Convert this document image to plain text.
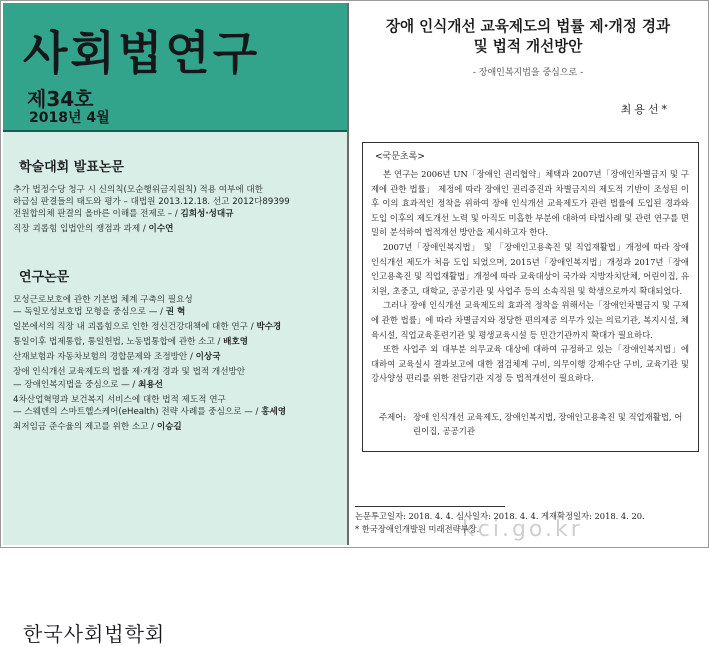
사회법연구
제34호
2018년 4월
학술대회 발표논문
추가 법정수당 청구 시 신의칙(모순행위금지원칙) 적용 여부에 대한
하급심 판결들의 태도와 평가 – 대법원 2013.12.18. 선고 2012다89399
전원합의체 판결의 올바른 이해를 전제로 – / 김희성·성대규
직장 괴롭힘 입법안의 쟁점과 과제 / 이수연
연구논문
모성근로보호에 관한 기본법 체계 구축의 필요성
— 독일모성보호법 모형을 중심으로 — / 권 혁
일본에서의 직장 내 괴롭힘으로 인한 정신건강대책에 대한 연구 / 박수경
통일이후 법제통합, 통일헌법, 노동법통합에 관한 소고 / 배호영
산재보험과 자동차보험의 경합문제와 조정방안 / 이상국
장애 인식개선 교육제도의 법률 제·개정 경과 및 법적 개선방안
— 장애인복지법을 중심으로 — / 최용선
4차산업혁명과 보건복지 서비스에 대한 법적 제도적 연구
— 스웨덴의 스마트헬스케어(eHealth) 전략 사례를 중심으로 — / 홍세영
최저임금 준수율의 제고를 위한 소고 / 이승길
한국사회법학회
장애 인식개선 교육제도의 법률 제·개정 경과
및 법적 개선방안
- 장애인복지법을 중심으로 -
최용선*
<국문초록>

본 연구는 2006년 UN「장애인 권리협약」체택과 2007년「장애인차별금지 및 구제에 관한 법률」 제정에 따라 장애인 권리증진과 차별금지의 제도적 기반이 조성된 이후 이의 효과적인 정착을 위하여 장애 인식개선 교육제도가 관련 법률에 도입된 경과와 도입 이후의 제도개선 노력 및 아직도 미흡한 부분에 대하여 타법사례 및 관련 연구를 면밀히 분석하여 법적개선 방안을 제시하고자 한다.

2007년「장애인복지법」 및 「장애인고용촉진 및 직업재활법」개정에 따라 장애 인식개선 제도가 처음 도입 되었으며, 2015년「장애인복지법」개정과 2017년「장애인고용촉진 및 직업재활법」개정에 따라 교육대상이 국가와 지방자치단체, 어린이집, 유치원, 초중고, 대학교, 공공기관 및 사업주 등의 소속직원 및 학생으로까지 확대되었다.

그러나 장애 인식개선 교육제도의 효과적 정착을 위해서는「장애인차별금지 및 구제에 관한 법률」에 따라 차별금지와 정당한 편의제공 의무가 있는 의료기관, 복지시설, 체육시설, 직업교육훈련기관 및 평생교육시설 등 민간기관까지 확대가 필요하다.

또한 사업주 외 대부분 의무교육 대상에 대하여 규정하고 있는「장애인복지법」에 대하여 교육실시 결과보고에 대한 점검체계 구비, 의무이행 강제수단 구비, 교육기관 및 강사양성 편리를 위한 전담기관 지정 등 법적개선이 필요하다.

주제어: 장애 인식개선 교육제도, 장애인복지법, 장애인고용촉진 및 직업재활법, 어린이집, 공공기관
kci.go.kr
논문투고일자: 2018. 4. 4. 심사일자: 2018. 4. 4. 게재확정일자: 2018. 4. 20.
* 한국장애인개발원 미래전략부장.
